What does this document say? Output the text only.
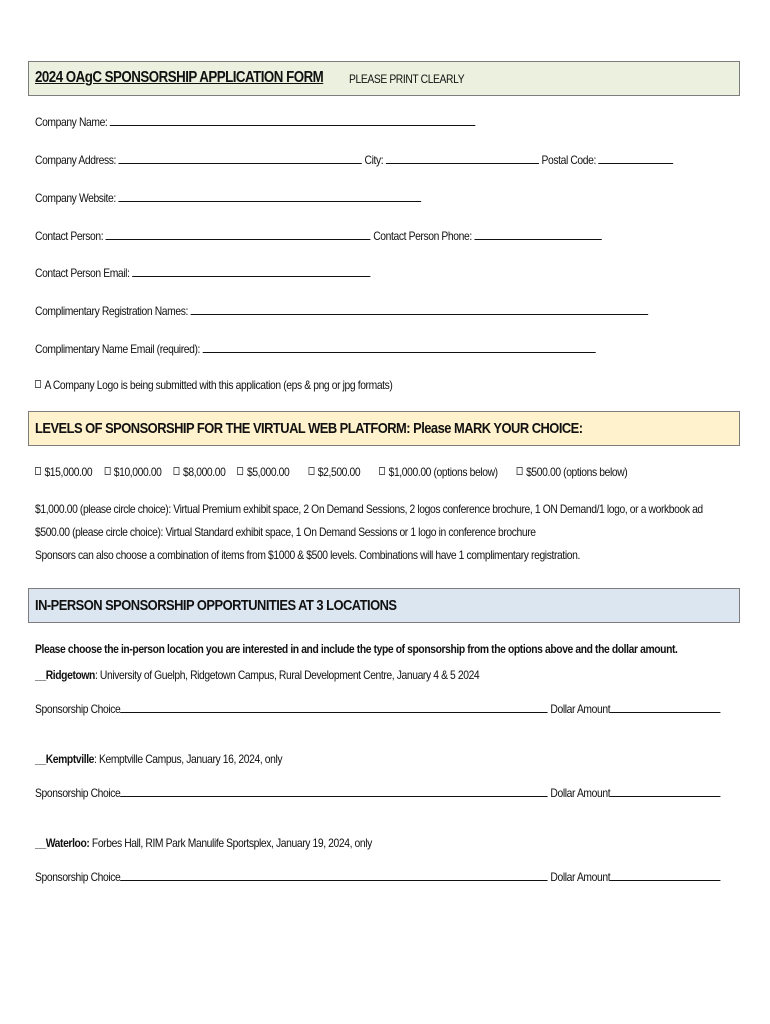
2024 OAgC SPONSORSHIP APPLICATION FORM PLEASE PRINT CLEARLY
Company Name:
Company Address:	City:	Postal Code:
Company Website:
Contact Person:	Contact Person Phone:
Contact Person Email:
Complimentary Registration Names:
Complimentary Name Email (required):
A Company Logo is being submitted with this application (eps & png or jpg formats)
LEVELS OF SPONSORSHIP FOR THE VIRTUAL WEB PLATFORM: Please MARK YOUR CHOICE:
$15,000.00 $10,000.00 $8,000.00 $5,000.00 $2,500.00 $1,000.00 (options below) $500.00 (options below)
$1,000.00 (please circle choice): Virtual Premium exhibit space, 2 On Demand Sessions, 2 logos conference brochure, 1 ON Demand/1 logo, or a workbook ad
$500.00 (please circle choice): Virtual Standard exhibit space, 1 On Demand Sessions or 1 logo in conference brochure
Sponsors can also choose a combination of items from $1000 & $500 levels. Combinations will have 1 complimentary registration.
IN-PERSON SPONSORSHIP OPPORTUNITIES AT 3 LOCATIONS
Please choose the in-person location you are interested in and include the type of sponsorship from the options above and the dollar amount.
__Ridgetown: University of Guelph, Ridgetown Campus, Rural Development Centre, January 4 & 5 2024
Sponsorship Choice	Dollar Amount
__Kemptville: Kemptville Campus, January 16, 2024, only
Sponsorship Choice	Dollar Amount
__Waterloo: Forbes Hall, RIM Park Manulife Sportsplex, January 19, 2024, only
Sponsorship Choice	Dollar Amount
